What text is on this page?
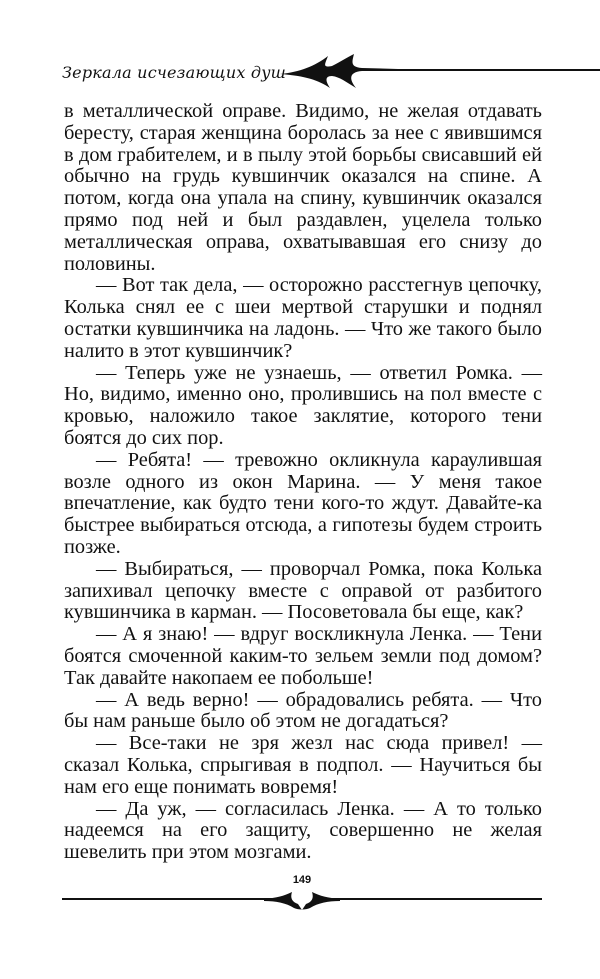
Зеркала исчезающих душ

в металлической оправе. Видимо, не желая отдавать бересту, старая женщина боролась за нее с явившимся в дом грабителем, и в пылу этой борьбы свисавший ей обычно на грудь кувшинчик оказался на спине. А потом, когда она упала на спину, кувшинчик оказался прямо под ней и был раздавлен, уцелела только металлическая оправа, охватывавшая его снизу до половины.

— Вот так дела, — осторожно расстегнув цепочку, Колька снял ее с шеи мертвой старушки и поднял остатки кувшинчика на ладонь. — Что же такого было налито в этот кувшинчик?

— Теперь уже не узнаешь, — ответил Ромка. — Но, видимо, именно оно, пролившись на пол вместе с кровью, наложило такое заклятие, которого тени боятся до сих пор.

— Ребята! — тревожно окликнула караулившая возле одного из окон Марина. — У меня такое впечатление, как будто тени кого-то ждут. Давайте-ка быстрее выбираться отсюда, а гипотезы будем строить позже.

— Выбираться, — проворчал Ромка, пока Колька запихивал цепочку вместе с оправой от разбитого кувшинчика в карман. — Посоветовала бы еще, как?

— А я знаю! — вдруг воскликнула Ленка. — Тени боятся смоченной каким-то зельем земли под домом? Так давайте накопаем ее побольше!

— А ведь верно! — обрадовались ребята. — Что бы нам раньше было об этом не догадаться?

— Все-таки не зря жезл нас сюда привел! — сказал Колька, спрыгивая в подпол. — Научиться бы нам его еще понимать вовремя!

— Да уж, — согласилась Ленка. — А то только надеемся на его защиту, совершенно не желая шевелить при этом мозгами.

149
